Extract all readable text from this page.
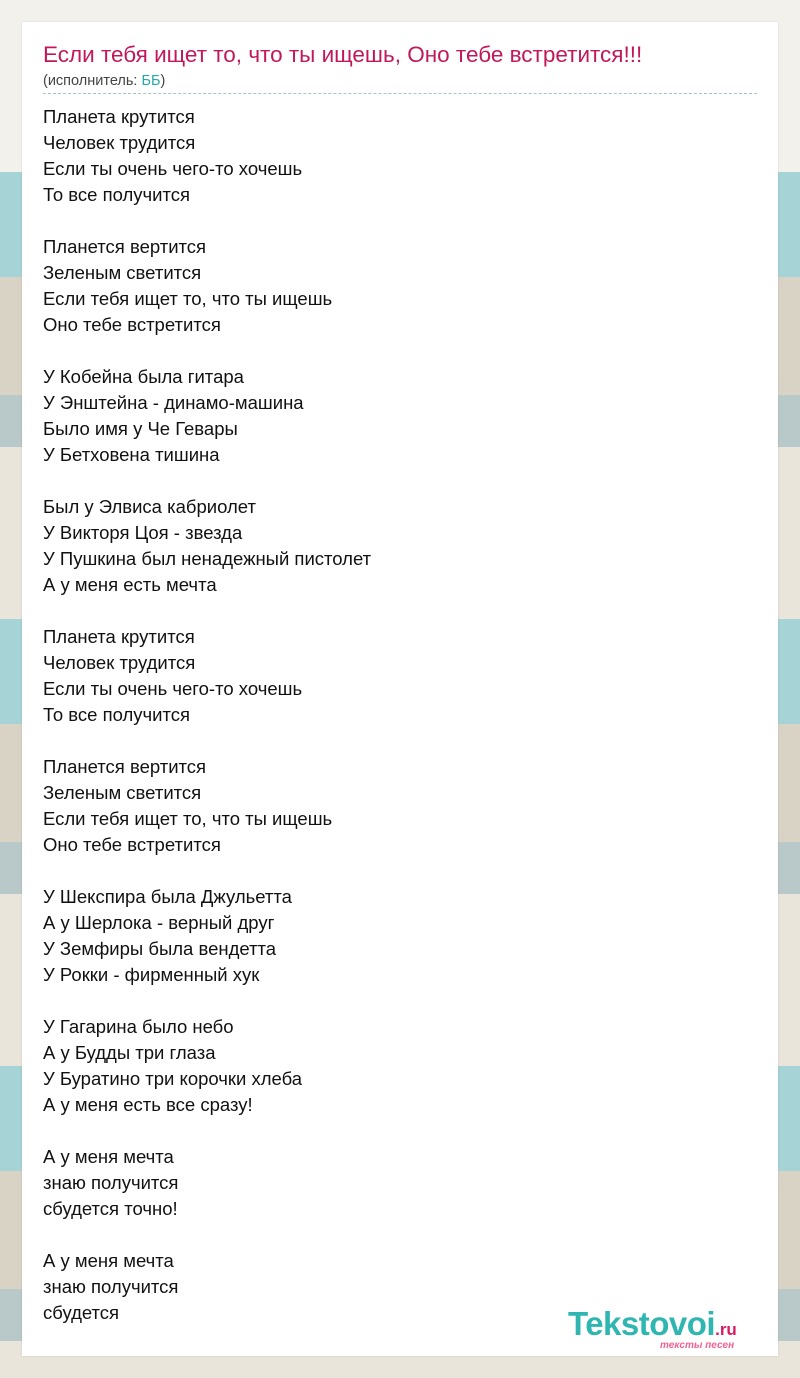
Если тебя ищет то, что ты ищешь, Оно тебе встретится!!!
(исполнитель: ББ)
Планета крутится
Человек трудится
Если ты очень чего-то хочешь
То все получится
Планется вертится
Зеленым светится
Если тебя ищет то, что ты ищешь
Оно тебе встретится
У Кобейна была гитара
У Энштейна - динамо-машина
Было имя у Че Гевары
У Бетховена тишина
Был у Элвиса кабриолет
У Викторя Цоя - звезда
У Пушкина был ненадежный пистолет
А у меня есть мечта
Планета крутится
Человек трудится
Если ты очень чего-то хочешь
То все получится
Планется вертится
Зеленым светится
Если тебя ищет то, что ты ищешь
Оно тебе встретится
У Шекспира была Джульетта
А у Шерлока - верный друг
У Земфиры была вендетта
У Рокки - фирменный хук
У Гагарина было небо
А у Будды три глаза
У Буратино три корочки хлеба
А у меня есть все сразу!
А у меня мечта
знаю получится
сбудется точно!
А у меня мечта
знаю получится
сбудется	Tekstovoi.ru
тексты песен
